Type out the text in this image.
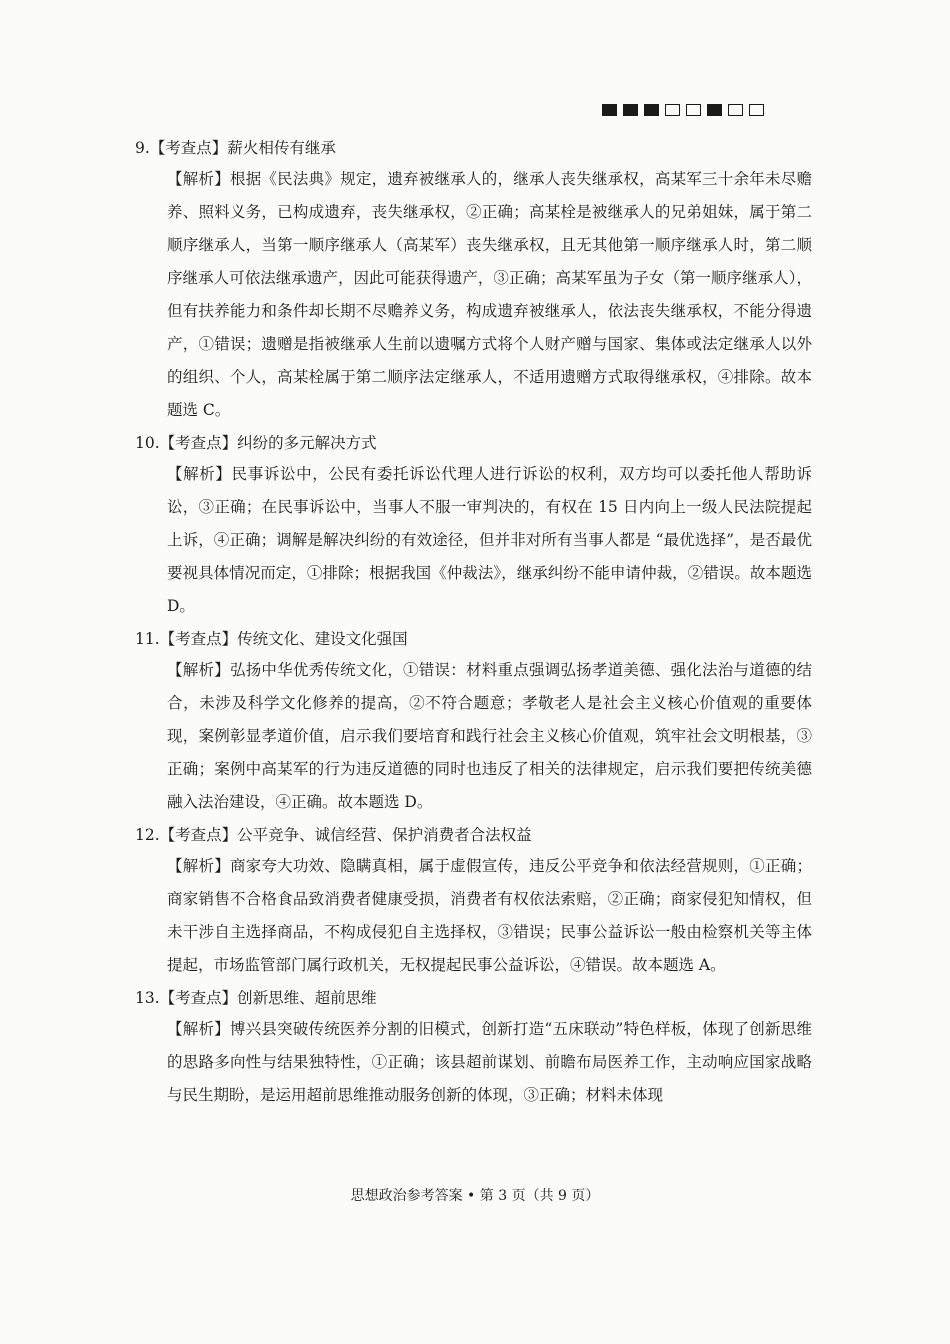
9.【考查点】薪火相传有继承

【解析】根据《民法典》规定，遗弃被继承人的，继承人丧失继承权，高某军三十余年未尽赡养、照料义务，已构成遗弃，丧失继承权，②正确；高某栓是被继承人的兄弟姐妹，属于第二顺序继承人，当第一顺序继承人（高某军）丧失继承权，且无其他第一顺序继承人时，第二顺序继承人可依法继承遗产，因此可能获得遗产，③正确；高某军虽为子女（第一顺序继承人），但有扶养能力和条件却长期不尽赡养义务，构成遗弃被继承人，依法丧失继承权，不能分得遗产，①错误；遗赠是指被继承人生前以遗嘱方式将个人财产赠与国家、集体或法定继承人以外的组织、个人，高某栓属于第二顺序法定继承人，不适用遗赠方式取得继承权，④排除。故本题选 C。

10.【考查点】纠纷的多元解决方式

【解析】民事诉讼中，公民有委托诉讼代理人进行诉讼的权利，双方均可以委托他人帮助诉讼，③正确；在民事诉讼中，当事人不服一审判决的，有权在 15 日内向上一级人民法院提起上诉，④正确；调解是解决纠纷的有效途径，但并非对所有当事人都是 “最优选择”，是否最优要视具体情况而定，①排除；根据我国《仲裁法》，继承纠纷不能申请仲裁，②错误。故本题选 D。

11.【考查点】传统文化、建设文化强国

【解析】弘扬中华优秀传统文化，①错误：材料重点强调弘扬孝道美德、强化法治与道德的结合，未涉及科学文化修养的提高，②不符合题意；孝敬老人是社会主义核心价值观的重要体现，案例彰显孝道价值，启示我们要培育和践行社会主义核心价值观，筑牢社会文明根基，③正确；案例中高某军的行为违反道德的同时也违反了相关的法律规定，启示我们要把传统美德融入法治建设，④正确。故本题选 D。

12.【考查点】公平竞争、诚信经营、保护消费者合法权益

【解析】商家夸大功效、隐瞒真相，属于虚假宣传，违反公平竞争和依法经营规则，①正确；商家销售不合格食品致消费者健康受损，消费者有权依法索赔，②正确；商家侵犯知情权，但未干涉自主选择商品，不构成侵犯自主选择权，③错误；民事公益诉讼一般由检察机关等主体提起，市场监管部门属行政机关，无权提起民事公益诉讼，④错误。故本题选 A。

13.【考查点】创新思维、超前思维

【解析】博兴县突破传统医养分割的旧模式，创新打造“五床联动”特色样板，体现了创新思维的思路多向性与结果独特性，①正确；该县超前谋划、前瞻布局医养工作，主动响应国家战略与民生期盼，是运用超前思维推动服务创新的体现，③正确；材料未体现

思想政治参考答案 • 第 3 页（共 9 页）
